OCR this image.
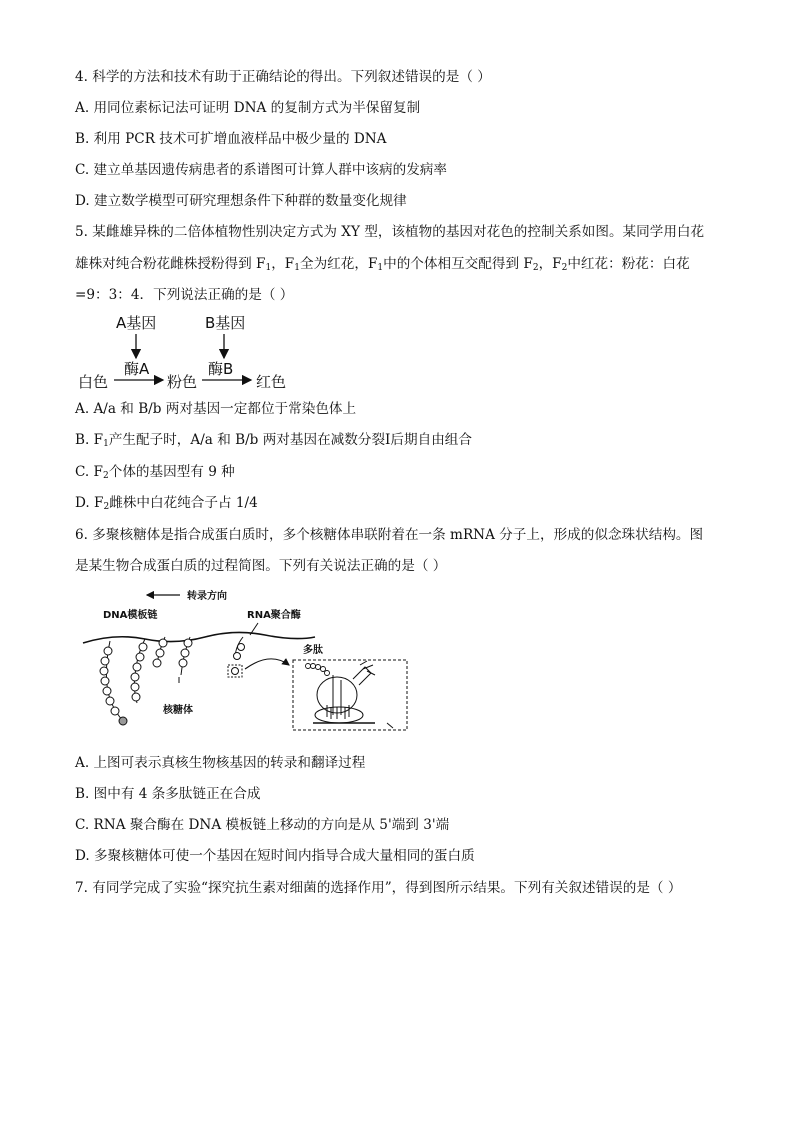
4. 科学的方法和技术有助于正确结论的得出。下列叙述错误的是（ ）
A. 用同位素标记法可证明 DNA 的复制方式为半保留复制
B. 利用 PCR 技术可扩增血液样品中极少量的 DNA
C. 建立单基因遗传病患者的系谱图可计算人群中该病的发病率
D. 建立数学模型可研究理想条件下种群的数量变化规律
5. 某雌雄异株的二倍体植物性别决定方式为 XY 型，该植物的基因对花色的控制关系如图。某同学用白花
雄株对纯合粉花雌株授粉得到 $F_1$，$F_1$全为红花，$F_1$中的个体相互交配得到 $F_2$，$F_2$中红花：粉花：白花
=9：3：4．下列说法正确的是（ ）
A基因	B基因
酶A	酶B
白色	粉色	红色
A. A/a 和 B/b 两对基因一定都位于常染色体上
B. $F_1$产生配子时，A/a 和 B/b 两对基因在减数分裂Ⅰ后期自由组合
C. $F_2$个体的基因型有 9 种
D. $F_2$雌株中白花纯合子占 1/4
6. 多聚核糖体是指合成蛋白质时，多个核糖体串联附着在一条 mRNA 分子上，形成的似念珠状结构。图
是某生物合成蛋白质的过程简图。下列有关说法正确的是（ ）
转录方向
DNA模板链	RNA聚合酶
核糖体
多肽
A. 上图可表示真核生物核基因的转录和翻译过程
B. 图中有 4 条多肽链正在合成
C. RNA 聚合酶在 DNA 模板链上移动的方向是从 5'端到 3'端
D. 多聚核糖体可使一个基因在短时间内指导合成大量相同的蛋白质
7. 有同学完成了实验“探究抗生素对细菌的选择作用”，得到图所示结果。下列有关叙述错误的是（ ）
